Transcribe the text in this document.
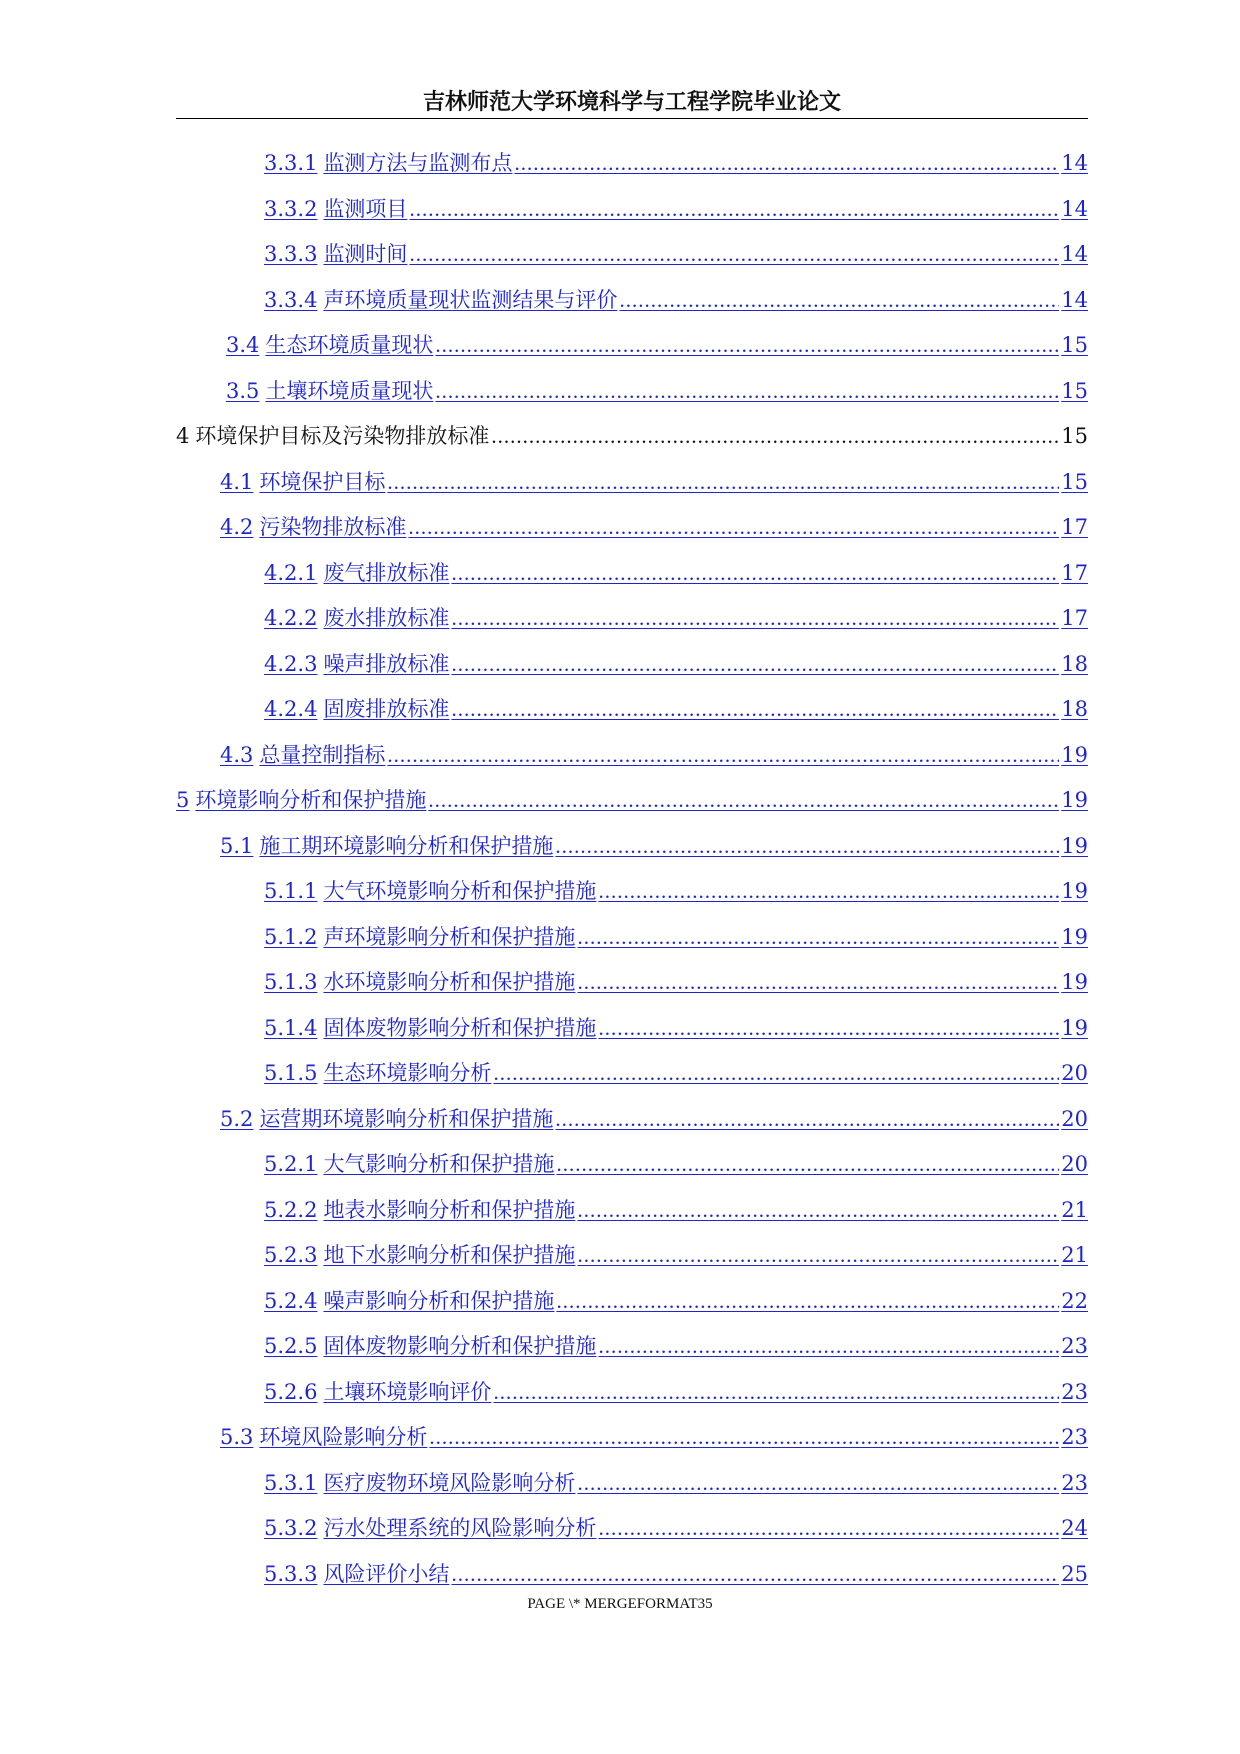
吉林师范大学环境科学与工程学院毕业论文
3.3.1 监测方法与监测布点 .....	14
3.3.2 监测项目 .....	14
3.3.3 监测时间 .....	14
3.3.4 声环境质量现状监测结果与评价 .....	14
3.4 生态环境质量现状 .....	15
3.5 土壤环境质量现状 .....	15
4 环境保护目标及污染物排放标准 .....	15
4.1 环境保护目标 .....	15
4.2 污染物排放标准 .....	17
4.2.1 废气排放标准 .....	17
4.2.2 废水排放标准 .....	17
4.2.3 噪声排放标准 .....	18
4.2.4 固废排放标准 .....	18
4.3 总量控制指标 .....	19
5 环境影响分析和保护措施 .....	19
5.1 施工期环境影响分析和保护措施 .....	19
5.1.1 大气环境影响分析和保护措施 .....	19
5.1.2 声环境影响分析和保护措施 .....	19
5.1.3 水环境影响分析和保护措施 .....	19
5.1.4 固体废物影响分析和保护措施 .....	19
5.1.5 生态环境影响分析 .....	20
5.2 运营期环境影响分析和保护措施 .....	20
5.2.1 大气影响分析和保护措施 .....	20
5.2.2 地表水影响分析和保护措施 .....	21
5.2.3 地下水影响分析和保护措施 .....	21
5.2.4 噪声影响分析和保护措施 .....	22
5.2.5 固体废物影响分析和保护措施 .....	23
5.2.6 土壤环境影响评价 .....	23
5.3 环境风险影响分析 .....	23
5.3.1 医疗废物环境风险影响分析 .....	23
5.3.2 污水处理系统的风险影响分析 .....	24
5.3.3 风险评价小结 .....	25
PAGE \* MERGEFORMAT35
